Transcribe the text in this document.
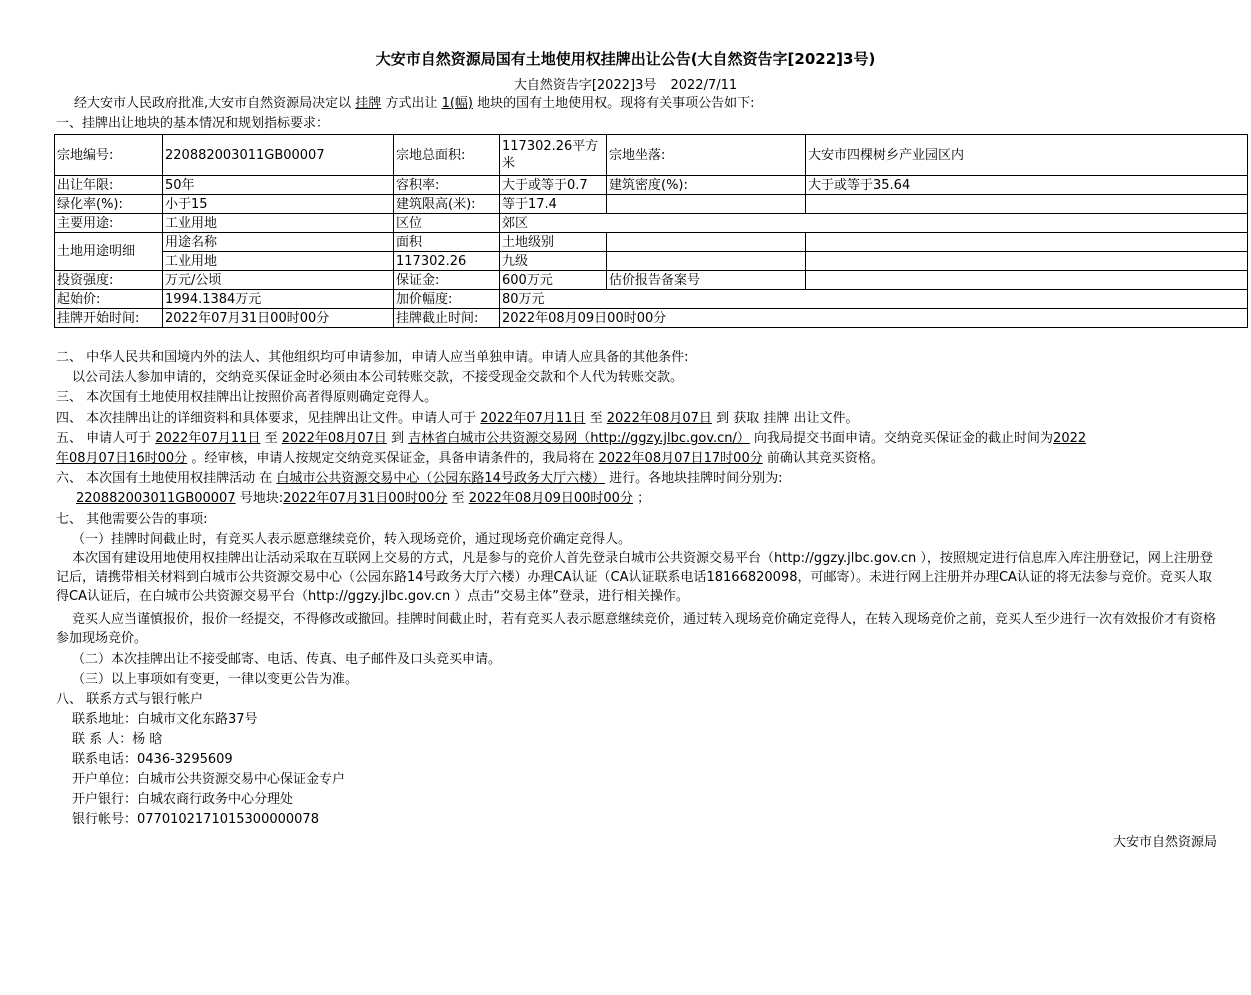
大安市自然资源局国有土地使用权挂牌出让公告(大自然资告字[2022]3号)
大自然资告字[2022]3号 2022/7/11
经大安市人民政府批准,大安市自然资源局决定以 挂牌 方式出让 1(幅) 地块的国有土地使用权。现将有关事项公告如下:
一、挂牌出让地块的基本情况和规划指标要求：
宗地编号:	220882003011GB00007	宗地总面积:	117302.26平方米	宗地坐落:	大安市四棵树乡产业园区内
出让年限:	50年	容积率:	大于或等于0.7	建筑密度(%):	大于或等于35.64
绿化率(%):	小于15	建筑限高(米):	等于17.4		
主要用途:	工业用地	区位	郊区		
土地用途明细	用途名称	面积	土地级别		
	工业用地	117302.26	九级		
投资强度:	万元/公顷	保证金:	600万元	估价报告备案号	
起始价:	1994.1384万元	加价幅度:	80万元		
挂牌开始时间:	2022年07月31日00时00分	挂牌截止时间:	2022年08月09日00时00分		
二、 中华人民共和国境内外的法人、其他组织均可申请参加，申请人应当单独申请。申请人应具备的其他条件:
以公司法人参加申请的，交纳竞买保证金时必须由本公司转账交款，不接受现金交款和个人代为转账交款。
三、 本次国有土地使用权挂牌出让按照价高者得原则确定竞得人。
四、 本次挂牌出让的详细资料和具体要求，见挂牌出让文件。申请人可于 2022年07月11日 至 2022年08月07日 到 获取 挂牌 出让文件。
五、 申请人可于 2022年07月11日 至 2022年08月07日 到 吉林省白城市公共资源交易网（http://ggzy.jlbc.gov.cn/） 向我局提交书面申请。交纳竞买保证金的截止时间为2022
年08月07日16时00分 。经审核，申请人按规定交纳竞买保证金，具备申请条件的，我局将在 2022年08月07日17时00分 前确认其竞买资格。
六、 本次国有土地使用权挂牌活动 在 白城市公共资源交易中心（公园东路14号政务大厅六楼） 进行。各地块挂牌时间分别为:
220882003011GB00007 号地块:2022年07月31日00时00分 至 2022年08月09日00时00分 ；
七、 其他需要公告的事项:
（一）挂牌时间截止时，有竞买人表示愿意继续竞价，转入现场竞价，通过现场竞价确定竞得人。
本次国有建设用地使用权挂牌出让活动采取在互联网上交易的方式，凡是参与的竞价人首先登录白城市公共资源交易平台（http://ggzy.jlbc.gov.cn ），按照规定进行信息库入库注册登记，网上注册登记后，请携带相关材料到白城市公共资源交易中心（公园东路14号政务大厅六楼）办理CA认证（CA认证联系电话18166820098，可邮寄）。未进行网上注册并办理CA认证的将无法参与竞价。竞买人取得CA认证后，在白城市公共资源交易平台（http://ggzy.jlbc.gov.cn ）点击“交易主体”登录，进行相关操作。
竞买人应当谨慎报价，报价一经提交，不得修改或撤回。挂牌时间截止时，若有竞买人表示愿意继续竞价，通过转入现场竞价确定竞得人，在转入现场竞价之前，竞买人至少进行一次有效报价才有资格参加现场竞价。
（二）本次挂牌出让不接受邮寄、电话、传真、电子邮件及口头竞买申请。
（三）以上事项如有变更，一律以变更公告为准。
八、 联系方式与银行帐户
联系地址：白城市文化东路37号
联 系 人：杨 晗
联系电话：0436-3295609
开户单位：白城市公共资源交易中心保证金专户
开户银行：白城农商行政务中心分理处
银行帐号：0770102171015300000078
大安市自然资源局
